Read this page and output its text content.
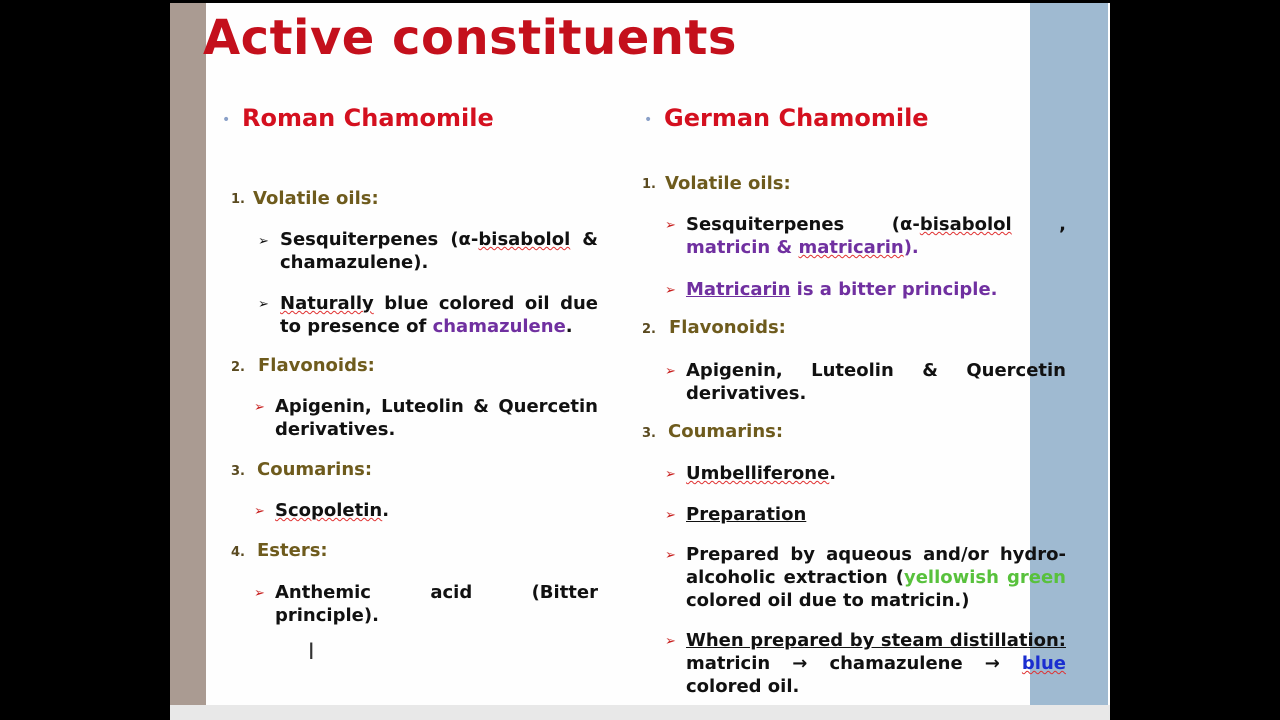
Active constituents
• Roman Chamomile
1. Volatile oils:
➢ Sesquiterpenes (α-bisabolol & chamazulene).
➢ Naturally blue colored oil due to presence of chamazulene.
2. Flavonoids:
➢ Apigenin, Luteolin & Quercetin derivatives.
3. Coumarins:
➢ Scopoletin.
4. Esters:
➢ Anthemic acid (Bitter principle).
I
• German Chamomile
1. Volatile oils:
➢ Sesquiterpenes (α-bisabolol , matricin & matricarin).
➢ Matricarin is a bitter principle.
2. Flavonoids:
➢ Apigenin, Luteolin & Quercetin derivatives.
3. Coumarins:
➢ Umbelliferone.
➢ Preparation
➢ Prepared by aqueous and/or hydro-alcoholic extraction (yellowish green colored oil due to matricin.)
➢ When prepared by steam distillation: matricin → chamazulene → blue colored oil.
